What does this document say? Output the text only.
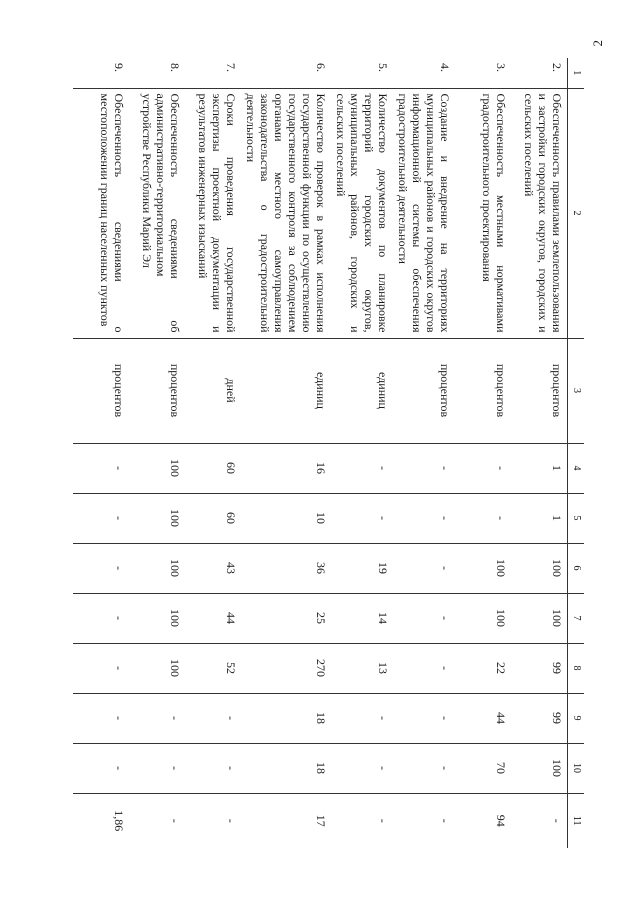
2
1	2	3	4	5	6	7	8	9	10	11
2.	Обеспеченность правилами землепользования и застройки городских округов, городских и сельских поселений	процентов	1	1	100	100	99	99	100	-
3.	Обеспеченность местными нормативами градостроительного проектирования	процентов	-	-	100	100	22	44	70	94
4.	Создание и внедрение на территориях муниципальных районов и городских округов информационной системы обеспечения градостроительной деятельности	процентов	-	-	-	-	-	-	-	-
5.	Количество документов по планировке территорий городских округов, муниципальных районов, городских и сельских поселений	единиц	-	-	19	14	13	-	-	-
6.	Количество проверок в рамках исполнения государственной функции по осуществлению государственного контроля за соблюдением органами местного самоуправления законодательства о градостроительной деятельности	единиц	16	10	36	25	270	18	18	17
7.	Сроки проведения государственной экспертизы проектной документации и результатов инженерных изысканий	дней	60	60	43	44	52	-	-	-
8.	Обеспеченность сведениями об административно-территориальном устройстве Республики Марий Эл	процентов	100	100	100	100	100	-	-	-
9.	Обеспеченность сведениями о местоположении границ населенных пунктов	процентов	-	-	-	-	-	-	-	1,86
